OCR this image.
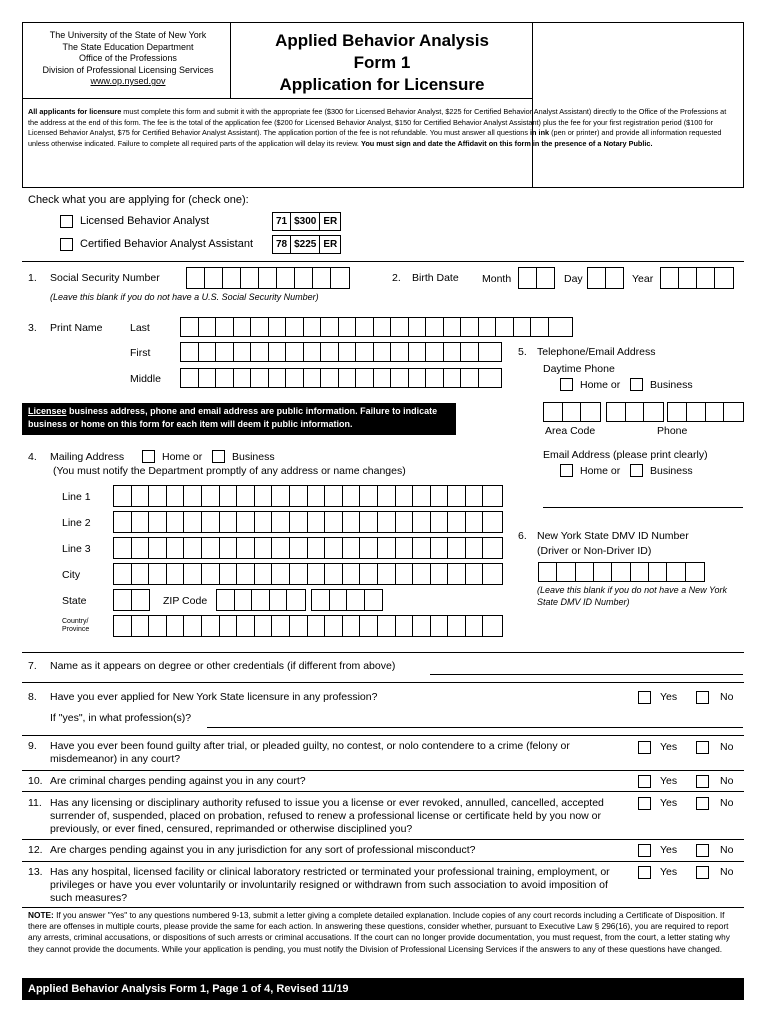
The University of the State of New York
The State Education Department
Office of the Professions
Division of Professional Licensing Services
www.op.nysed.gov
Applied Behavior Analysis
Form 1
Application for Licensure
All applicants for licensure must complete this form and submit it with the appropriate fee ($300 for Licensed Behavior Analyst, $225 for Certified Behavior Analyst Assistant) directly to the Office of the Professions at the address at the end of this form. The fee is the total of the application fee ($200 for Licensed Behavior Analyst, $150 for Certified Behavior Analyst Assistant) plus the fee for your first registration period ($100 for Licensed Behavior Analyst, $75 for Certified Behavior Analyst Assistant). The application portion of the fee is not refundable. You must answer all questions in ink (pen or printer) and provide all information requested unless otherwise indicated. Failure to complete all required parts of the application will delay its review. You must sign and date the Affidavit on this form in the presence of a Notary Public.
Check what you are applying for (check one):
Licensed Behavior Analyst	71 $300 ER
Certified Behavior Analyst Assistant	78 $225 ER
1. Social Security Number
(Leave this blank if you do not have a U.S. Social Security Number)
2. Birth Date Month	Day	Year
3. Print Name	Last
First
Middle
5. Telephone/Email Address
Daytime Phone
Home or	Business
Area Code	Phone
Email Address (please print clearly)
Home or	Business
Licensee business address, phone and email address are public information. Failure to indicate business or home on this form for each item will deem it public information.
4. Mailing Address	Home or	Business
(You must notify the Department promptly of any address or name changes)
Line 1
Line 2
Line 3
City
State	ZIP Code
Country/ Province
6. New York State DMV ID Number
(Driver or Non-Driver ID)
(Leave this blank if you do not have a New York State DMV ID Number)
7. Name as it appears on degree or other credentials (if different from above)
8. Have you ever applied for New York State licensure in any profession?	Yes	No
If "yes", in what profession(s)?
9. Have you ever been found guilty after trial, or pleaded guilty, no contest, or nolo contendere to a crime (felony or misdemeanor) in any court?
Yes	No
10. Are criminal charges pending against you in any court?	Yes	No
11. Has any licensing or disciplinary authority refused to issue you a license or ever revoked, annulled, cancelled, accepted surrender of, suspended, placed on probation, refused to renew a professional license or certificate held by you now or previously, or ever fined, censured, reprimanded or otherwise disciplined you?
Yes	No
12. Are charges pending against you in any jurisdiction for any sort of professional misconduct?	Yes	No
13. Has any hospital, licensed facility or clinical laboratory restricted or terminated your professional training, employment, or privileges or have you ever voluntarily or involuntarily resigned or withdrawn from such association to avoid imposition of such measures?
Yes	No
NOTE: If you answer "Yes" to any questions numbered 9-13, submit a letter giving a complete detailed explanation. Include copies of any court records including a Certificate of Disposition. If there are offenses in multiple courts, please provide the same for each action. In answering these questions, consider whether, pursuant to Executive Law § 296(16), you are required to report any arrests, criminal accusations, or dispositions of such arrests or criminal accusations. If the court can no longer provide documentation, you must request, from the court, a letter stating why they cannot provide the documents. While your application is pending, you must notify the Division of Professional Licensing Services if the answers to any of these questions have changed.
Applied Behavior Analysis Form 1, Page 1 of 4, Revised 11/19
